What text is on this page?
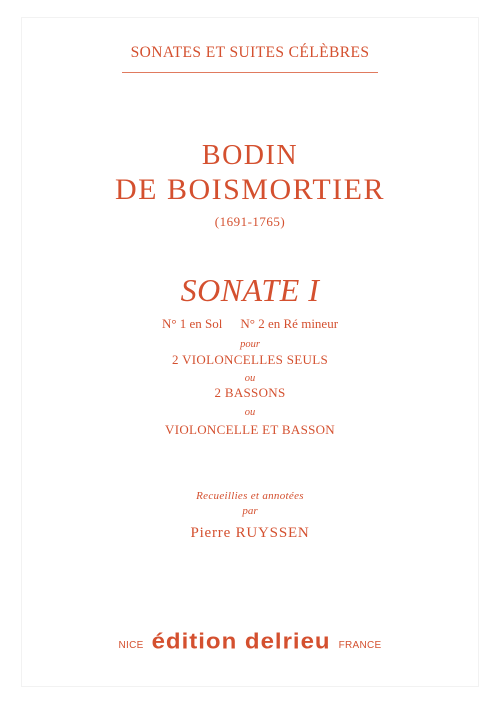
SONATES ET SUITES CÉLÈBRES
BODIN
DE BOISMORTIER
(1691-1765)
SONATE I
N° 1 en Sol N° 2 en Ré mineur
pour
2 VIOLONCELLES SEULS
ou
2 BASSONS
ou
VIOLONCELLE ET BASSON
Recueillies et annotées
par
Pierre RUYSSEN
NICE édition delrieu FRANCE
